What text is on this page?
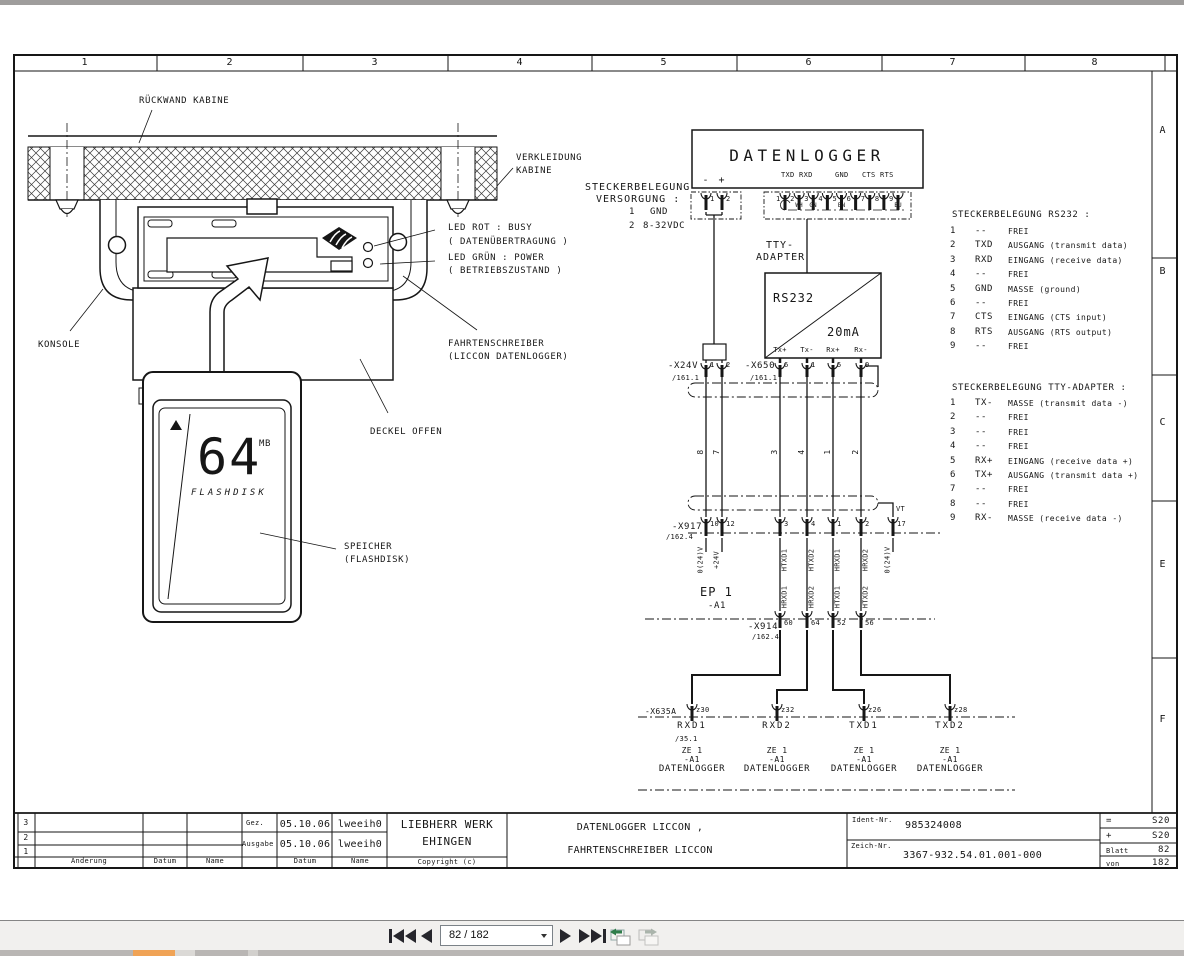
RÜCKWAND KABINE
VERKLEIDUNG
KABINE
LED ROT : BUSY
( DATENÜBERTRAGUNG )
LED GRÜN : POWER
( BETRIEBSZUSTAND )
FAHRTENSCHREIBER
(LICCON DATENLOGGER)
KONSOLE
DECKEL OFFEN
SPEICHER
(FLASHDISK)
64
MB
FLASHDISK
DATENLOGGER
STECKERBELEGUNG
VERSORGUNG :
TTY-
ADAPTER
RS232
20mA
-X24V
/161.1
-X650
/161.1
VT
-X917
/162.4
EP 1
-A1
-X914
/162.4
-X635A
Gez. 05.10.06 lweeih0
Ausgabe 05.10.06 lweeih0
LIEBHERR WERK
EHINGEN
Copyright (c)
DATENLOGGER LICCON ,
FAHRTENSCHREIBER LICCON
Ident-Nr. 985324008
Zeich-Nr.
3367-932.54.01.001-000
Datum	Name
1	2	3	4	5	6	7	8
A
B
C
E
F
STECKERBELEGUNG RS232 :
1 --	FREI
2 TXD AUSGANG (transmit data)
3 RXD EINGANG (receive data)
4 --	FREI
5 GND MASSE (ground)
6 --	FREI
7 CTS EINGANG (CTS input)
8 RTS AUSGANG (RTS output)
9 --	FREI
STECKERBELEGUNG TTY-ADAPTER :
1 TX- MASSE (transmit data -)
2 --	FREI
3 --	FREI
4 --	FREI
5 RX+ EINGANG (receive data +)
6 TX+ AUSGANG (transmit data +)
7 --	FREI
8 --	FREI
9 RX- MASSE (receive data -)
- +
1 2
TXD RXD	GND CTS RTS
1 2 3 4 5 6 7 8 9
WH GN	BN	BU
1 GND
2 8-32VDC
Tx+ Tx- Rx+ Rx-
1 2	6	1	5	9
8 7	3 4 1 2
10 12	3	4	1	2	17
0(24)V +24V	HTXD1	HTXD2	HRXD1	HRXD2 0(24)V
60	64 52	56
HRXD1	HRXD2	HTXD1	HTXD2
z30	z32	z26	z28
RXD1
/35.1
ZE 1
-A1
DATENLOGGER
RXD2
ZE 1
-A1
DATENLOGGER
TXD1
ZE 1
-A1
DATENLOGGER
TXD2
ZE 1
-A1
DATENLOGGER
3
2
1
Änderung	Datum	Name
=	S20
+	S20
Blatt	82
von	182
82 / 182
